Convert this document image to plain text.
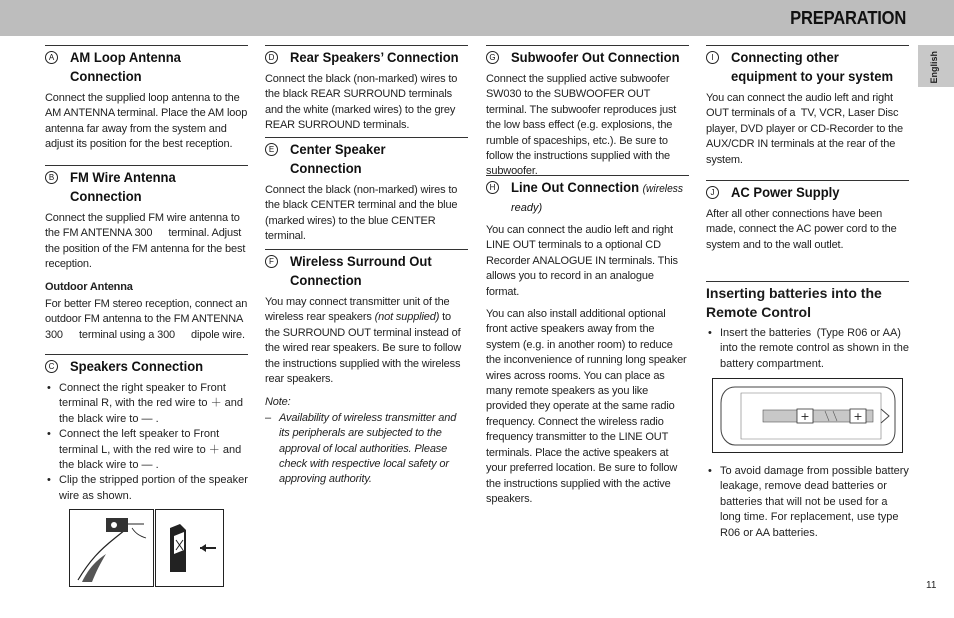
PREPARATION
English
A AM Loop Antenna
Connection

Connect the supplied loop antenna to the AM ANTENNA terminal. Place the AM loop antenna far away from the system and adjust its position for the best reception.

B FM Wire Antenna
Connection

Connect the supplied FM wire antenna to the FM ANTENNA 300   terminal. Adjust the position of the FM antenna for the best reception.

Outdoor Antenna

For better FM stereo reception, connect an outdoor FM antenna to the FM ANTENNA 300   terminal using a 300   dipole wire.

C Speakers Connection
• Connect the right speaker to Front terminal R, with the red wire to ＋ and the black wire to — .
• Connect the left speaker to Front terminal L, with the red wire to ＋ and the black wire to — .
• Clip the stripped portion of the speaker wire as shown.
D Rear Speakers’ Connection

Connect the black (non-marked) wires to the black REAR SURROUND terminals and the white (marked wires) to the grey REAR SURROUND terminals.

E Center Speaker
Connection

Connect the black (non-marked) wires to the black CENTER terminal and the blue (marked wires) to the blue CENTER terminal.

F Wireless Surround Out
Connection

You may connect transmitter unit of the wireless rear speakers (not supplied) to the SURROUND OUT terminal instead of the wired rear speakers. Be sure to follow the instructions supplied with the wireless rear speakers.

Note:

– Availability of wireless transmitter and its peripherals are subjected to the approval of local authorities. Please check with respective local safety or approving authority.

G Subwoofer Out Connection

Connect the supplied active subwoofer SW030 to the SUBWOOFER OUT terminal. The subwoofer reproduces just the low bass effect (e.g. explosions, the rumble of spaceships, etc.). Be sure to follow the instructions supplied with the subwoofer.

H Line Out Connection (wireless
ready)

You can connect the audio left and right LINE OUT terminals to a optional CD Recorder ANALOGUE IN terminals. This allows you to record in an analogue format.

You can also install additional optional front active speakers away from the system (e.g. in another room) to reduce the inconvenience of running long speaker wires across rooms. You can place as many remote speakers as you like provided they operate at the same radio frequency. Connect the wireless radio frequency transmitter to the LINE OUT terminals. Place the active speakers at your preferred location. Be sure to follow the instructions supplied with the active speakers.

I	Connecting other
equipment to your system

You can connect the audio left and right OUT terminals of a TV, VCR, Laser Disc player, DVD player or CD-Recorder to the AUX/CDR IN terminals at the rear of the system.

J	AC Power Supply

After all other connections have been made, connect the AC power cord to the system and to the wall outlet.

Inserting batteries into the
Remote Control
• Insert the batteries (Type R06 or AA) into the remote control as shown in the battery compartment.
• To avoid damage from possible battery leakage, remove dead batteries or batteries that will not be used for a long time. For replacement, use type R06 or AA batteries.
+	+
11
